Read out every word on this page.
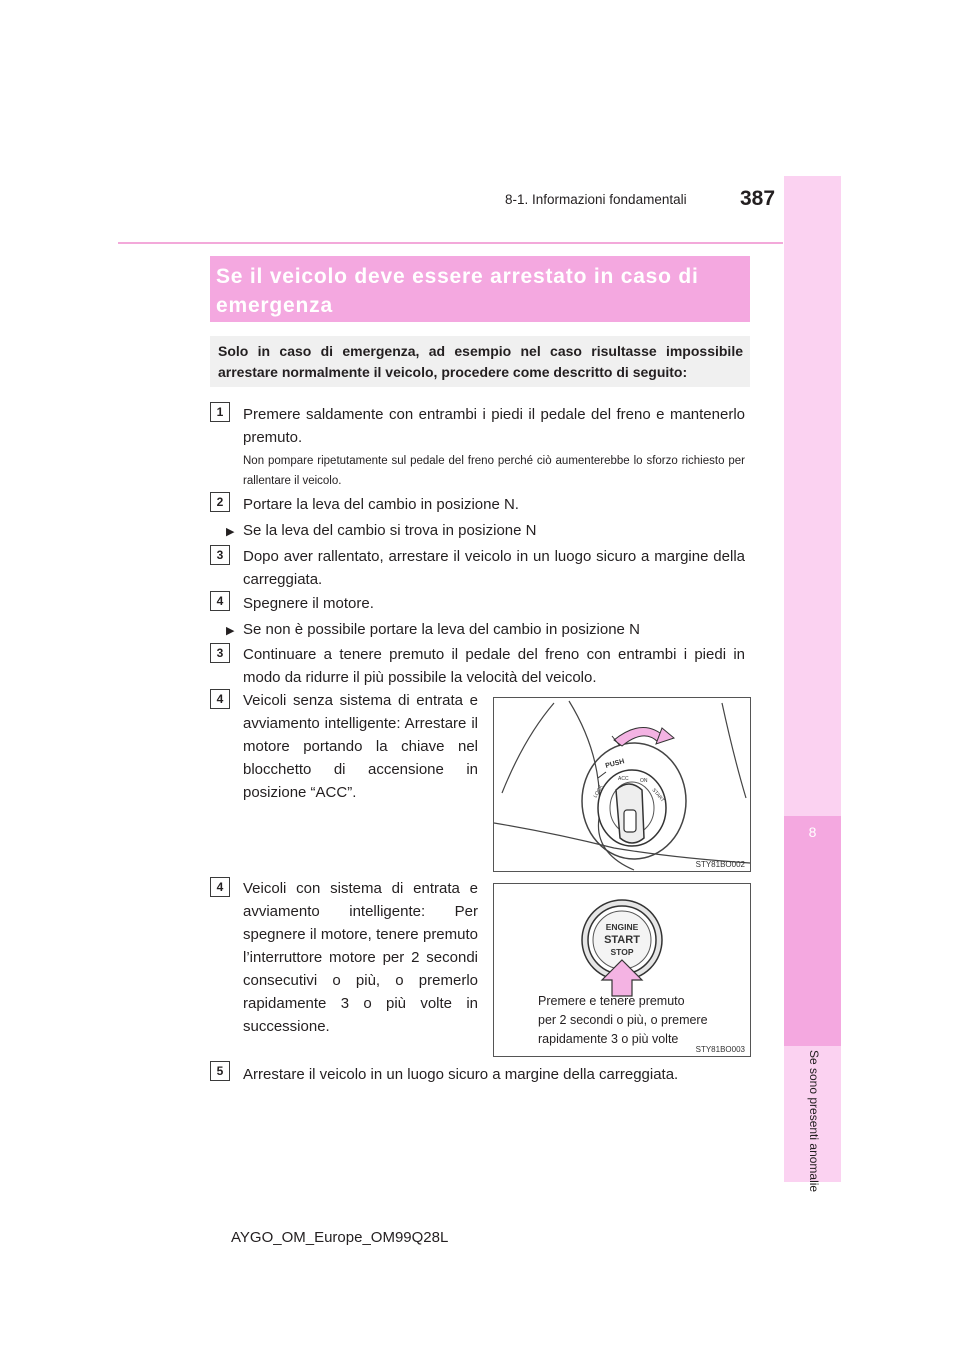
8
Se sono presenti anomalie
8-1. Informazioni fondamentali	387
Se il veicolo deve essere arrestato in caso di
emergenza
Solo in caso di emergenza, ad esempio nel caso risultasse impossibile arrestare normalmente il veicolo, procedere come descritto di seguito:
1	Premere saldamente con entrambi i piedi il pedale del freno e mantenerlo premuto.
Non pompare ripetutamente sul pedale del freno perché ciò aumenterebbe lo sforzo richiesto per rallentare il veicolo.
2	Portare la leva del cambio in posizione N.
▶ Se la leva del cambio si trova in posizione N
3	Dopo aver rallentato, arrestare il veicolo in un luogo sicuro a margine della carreggiata.
4	Spegnere il motore.
▶ Se non è possibile portare la leva del cambio in posizione N
3	Continuare a tenere premuto il pedale del freno con entrambi i piedi in modo da ridurre il più possibile la velocità del veicolo.
4	Veicoli senza sistema di entrata e avviamento intelligente: Arrestare il motore portando la chiave nel blocchetto di accensione in posizione “ACC”.
PUSH
LOCK
ACC ON
START
STY81BO002
4	Veicoli con sistema di entrata e avviamento intelligente: Per spegnere il motore, tenere premuto l’interruttore motore per 2 secondi consecutivi o più, o premerlo rapidamente 3 o più volte in successione.
ENGINE
START
STOP
Premere e tenere premuto
per 2 secondi o più, o premere
rapidamente 3 o più volte
STY81BO003
5	Arrestare il veicolo in un luogo sicuro a margine della carreggiata.
AYGO_OM_Europe_OM99Q28L
